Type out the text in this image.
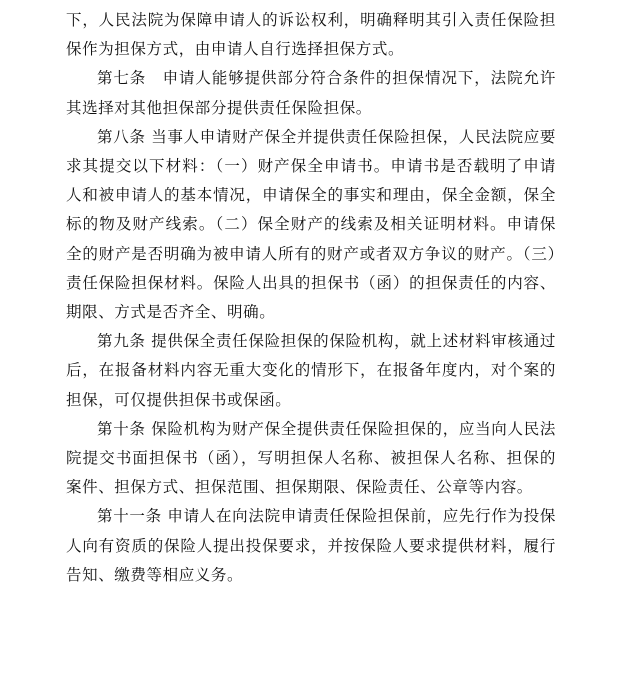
下，人民法院为保障申请人的诉讼权利，明确释明其引入责任保险担保作为担保方式，由申请人自行选择担保方式。

第七条　申请人能够提供部分符合条件的担保情况下，法院允许其选择对其他担保部分提供责任保险担保。

第八条 当事人申请财产保全并提供责任保险担保，人民法院应要求其提交以下材料：（一）财产保全申请书。申请书是否载明了申请人和被申请人的基本情况，申请保全的事实和理由，保全金额，保全标的物及财产线索。（二）保全财产的线索及相关证明材料。申请保全的财产是否明确为被申请人所有的财产或者双方争议的财产。（三）责任保险担保材料。保险人出具的担保书（函）的担保责任的内容、期限、方式是否齐全、明确。

第九条 提供保全责任保险担保的保险机构，就上述材料审核通过后，在报备材料内容无重大变化的情形下，在报备年度内，对个案的担保，可仅提供担保书或保函。

第十条 保险机构为财产保全提供责任保险担保的，应当向人民法院提交书面担保书（函），写明担保人名称、被担保人名称、担保的案件、担保方式、担保范围、担保期限、保险责任、公章等内容。

第十一条 申请人在向法院申请责任保险担保前，应先行作为投保人向有资质的保险人提出投保要求，并按保险人要求提供材料，履行告知、缴费等相应义务。
